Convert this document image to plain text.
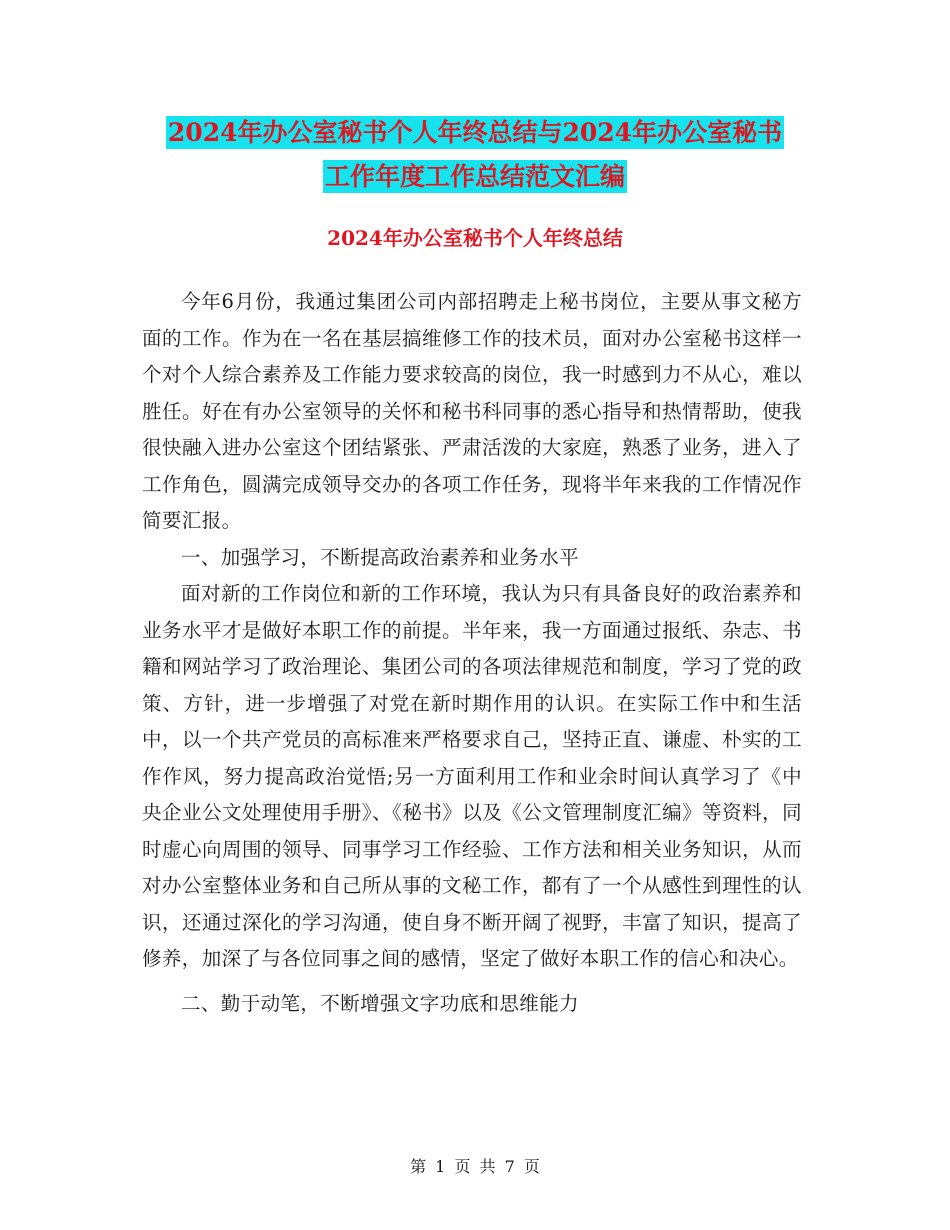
2024年办公室秘书个人年终总结与2024年办公室秘书
工作年度工作总结范文汇编
2024年办公室秘书个人年终总结

今年6月份，我通过集团公司内部招聘走上秘书岗位，主要从事文秘方面的工作。作为在一名在基层搞维修工作的技术员，面对办公室秘书这样一个对个人综合素养及工作能力要求较高的岗位，我一时感到力不从心，难以胜任。好在有办公室领导的关怀和秘书科同事的悉心指导和热情帮助，使我很快融入进办公室这个团结紧张、严肃活泼的大家庭，熟悉了业务，进入了工作角色，圆满完成领导交办的各项工作任务，现将半年来我的工作情况作简要汇报。

一、加强学习，不断提高政治素养和业务水平

面对新的工作岗位和新的工作环境，我认为只有具备良好的政治素养和业务水平才是做好本职工作的前提。半年来，我一方面通过报纸、杂志、书籍和网站学习了政治理论、集团公司的各项法律规范和制度，学习了党的政策、方针，进一步增强了对党在新时期作用的认识。在实际工作中和生活中，以一个共产党员的高标准来严格要求自己，坚持正直、谦虚、朴实的工作作风，努力提高政治觉悟;另一方面利用工作和业余时间认真学习了《中央企业公文处理使用手册》、《秘书》以及《公文管理制度汇编》等资料，同时虚心向周围的领导、同事学习工作经验、工作方法和相关业务知识，从而对办公室整体业务和自己所从事的文秘工作，都有了一个从感性到理性的认识，还通过深化的学习沟通，使自身不断开阔了视野，丰富了知识，提高了修养，加深了与各位同事之间的感情，坚定了做好本职工作的信心和决心。

二、勤于动笔，不断增强文字功底和思维能力

第 1 页 共 7 页
